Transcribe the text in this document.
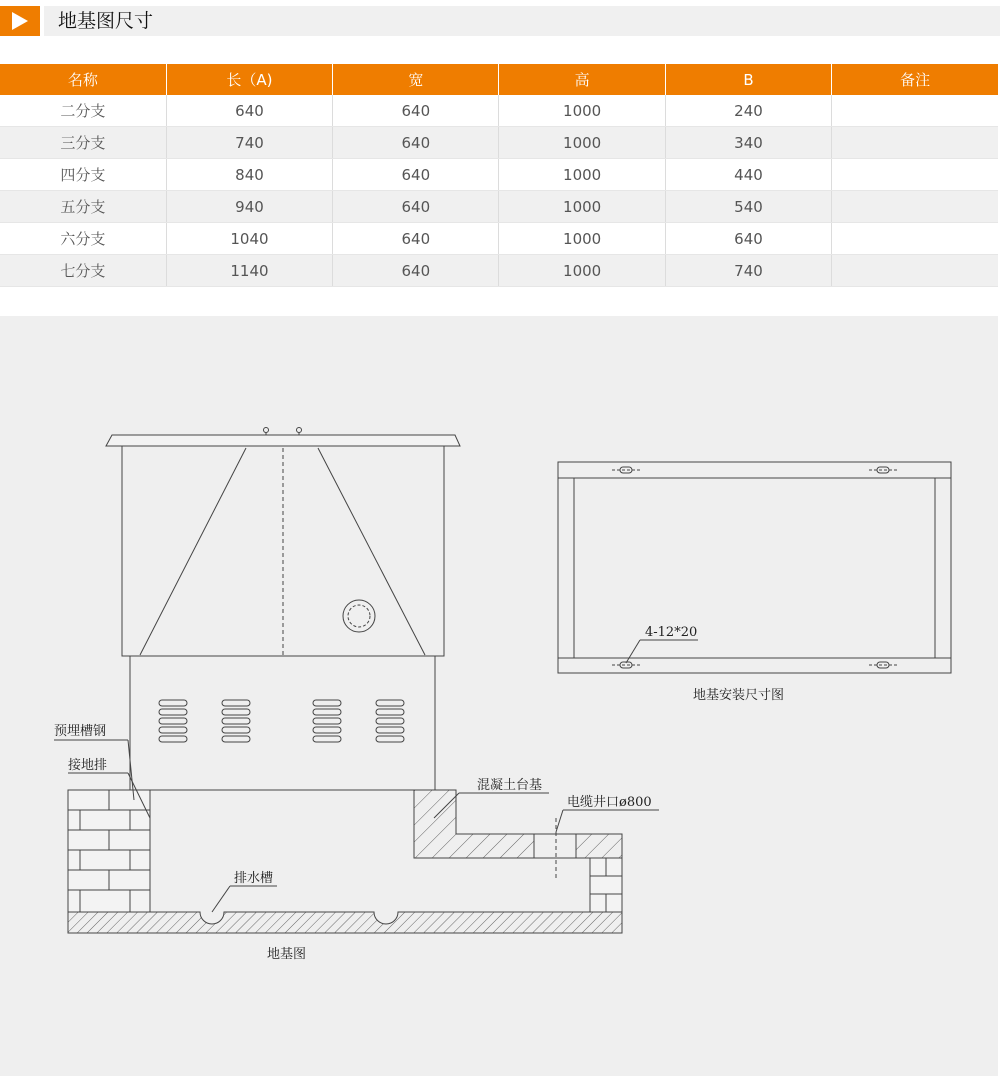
地基图尺寸
名称	长（A)	宽	高	B	备注
二分支	640	640	1000	240	
三分支	740	640	1000	340	
四分支	840	640	1000	440	
五分支	940	640	1000	540	
六分支	1040	640	1000	640	
七分支	1140	640	1000	740	
预埋槽钢
接地排
混凝土台基
电缆井口ø800
排水槽
地基图
4-12*20
地基安装尺寸图
